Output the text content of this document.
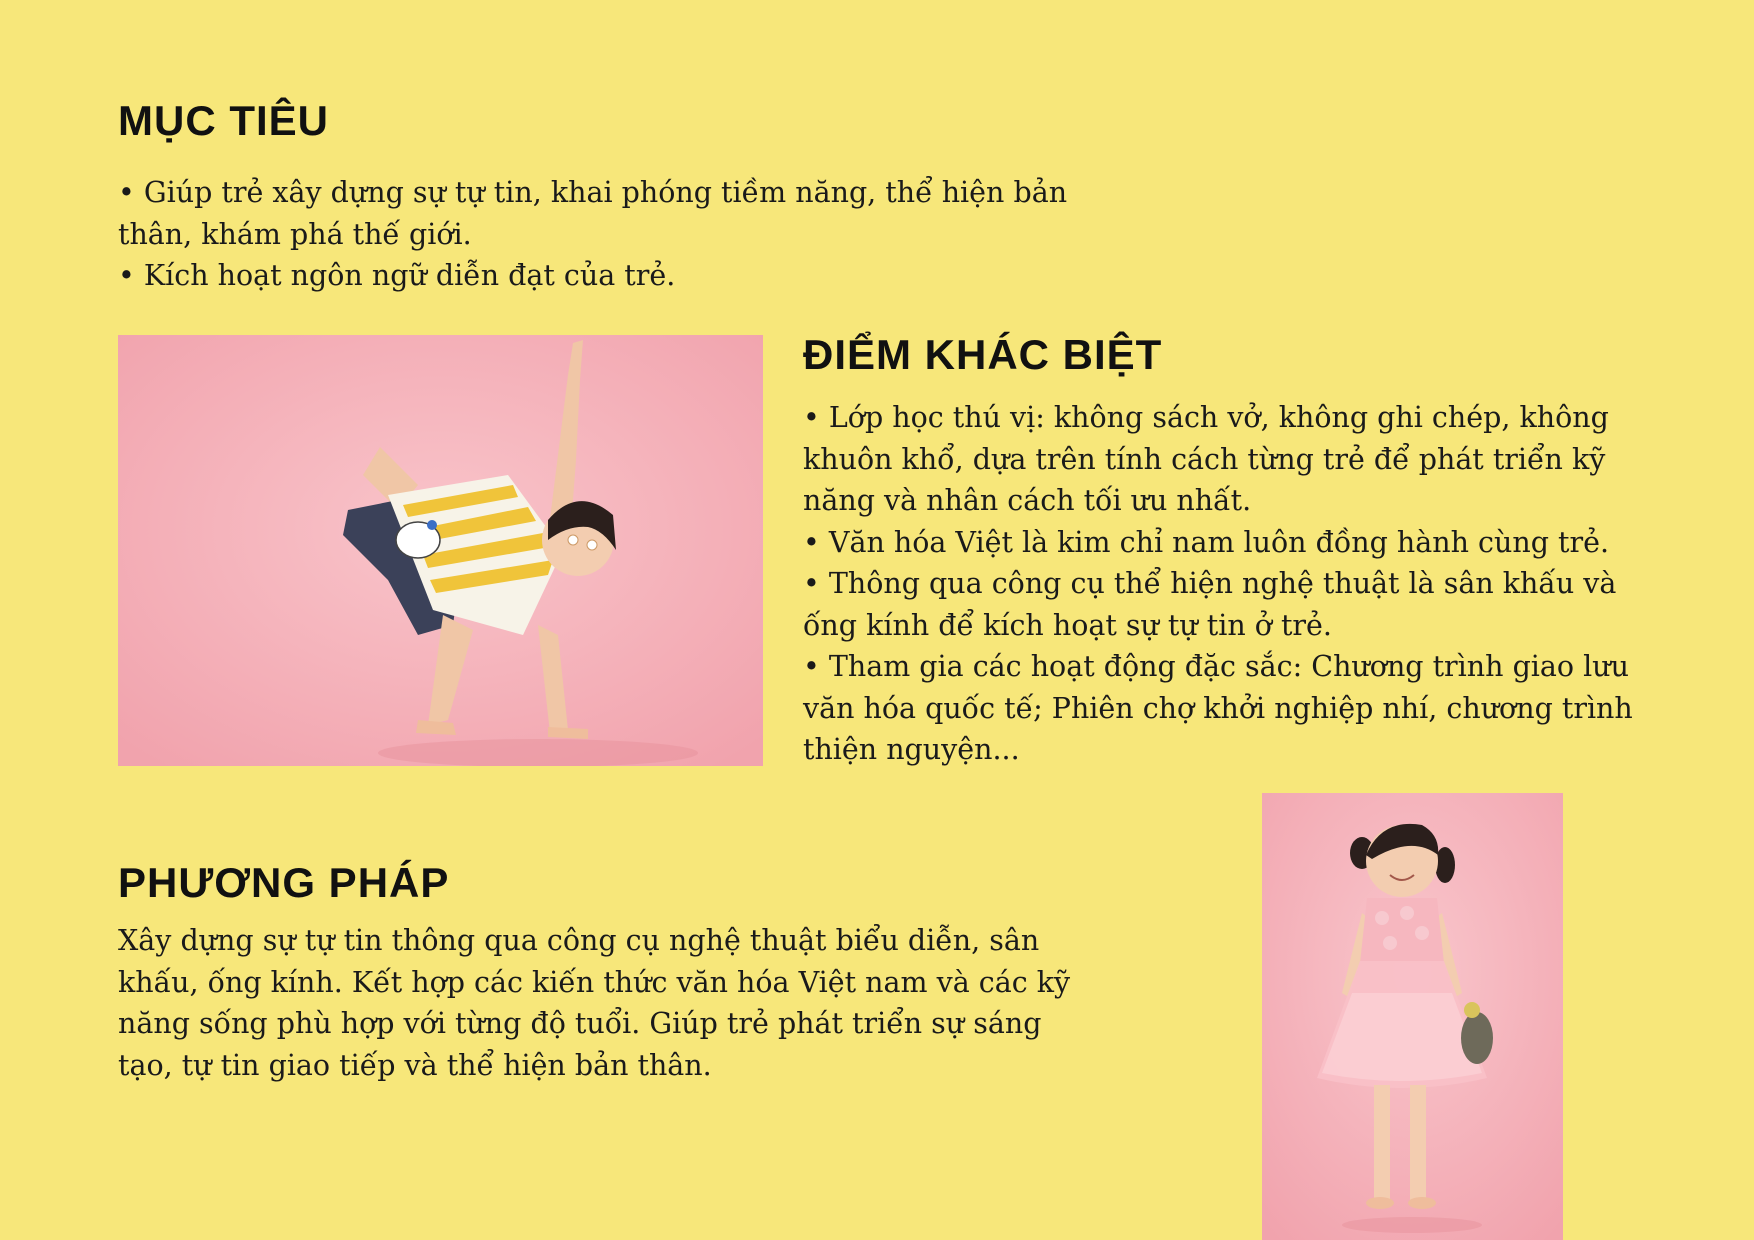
MỤC TIÊU
• Giúp trẻ xây dựng sự tự tin, khai phóng tiềm năng, thể hiện bản thân, khám phá thế giới.
• Kích hoạt ngôn ngữ diễn đạt của trẻ.
ĐIỂM KHÁC BIỆT
• Lớp học thú vị: không sách vở, không ghi chép, không khuôn khổ, dựa trên tính cách từng trẻ để phát triển kỹ năng và nhân cách tối ưu nhất.
• Văn hóa Việt là kim chỉ nam luôn đồng hành cùng trẻ.
• Thông qua công cụ thể hiện nghệ thuật là sân khấu và ống kính để kích hoạt sự tự tin ở trẻ.
• Tham gia các hoạt động đặc sắc: Chương trình giao lưu văn hóa quốc tế; Phiên chợ khởi nghiệp nhí, chương trình thiện nguyện...
PHƯƠNG PHÁP

Xây dựng sự tự tin thông qua công cụ nghệ thuật biểu diễn, sân khấu, ống kính. Kết hợp các kiến thức văn hóa Việt nam và các kỹ năng sống phù hợp với từng độ tuổi. Giúp trẻ phát triển sự sáng tạo, tự tin giao tiếp và thể hiện bản thân.
